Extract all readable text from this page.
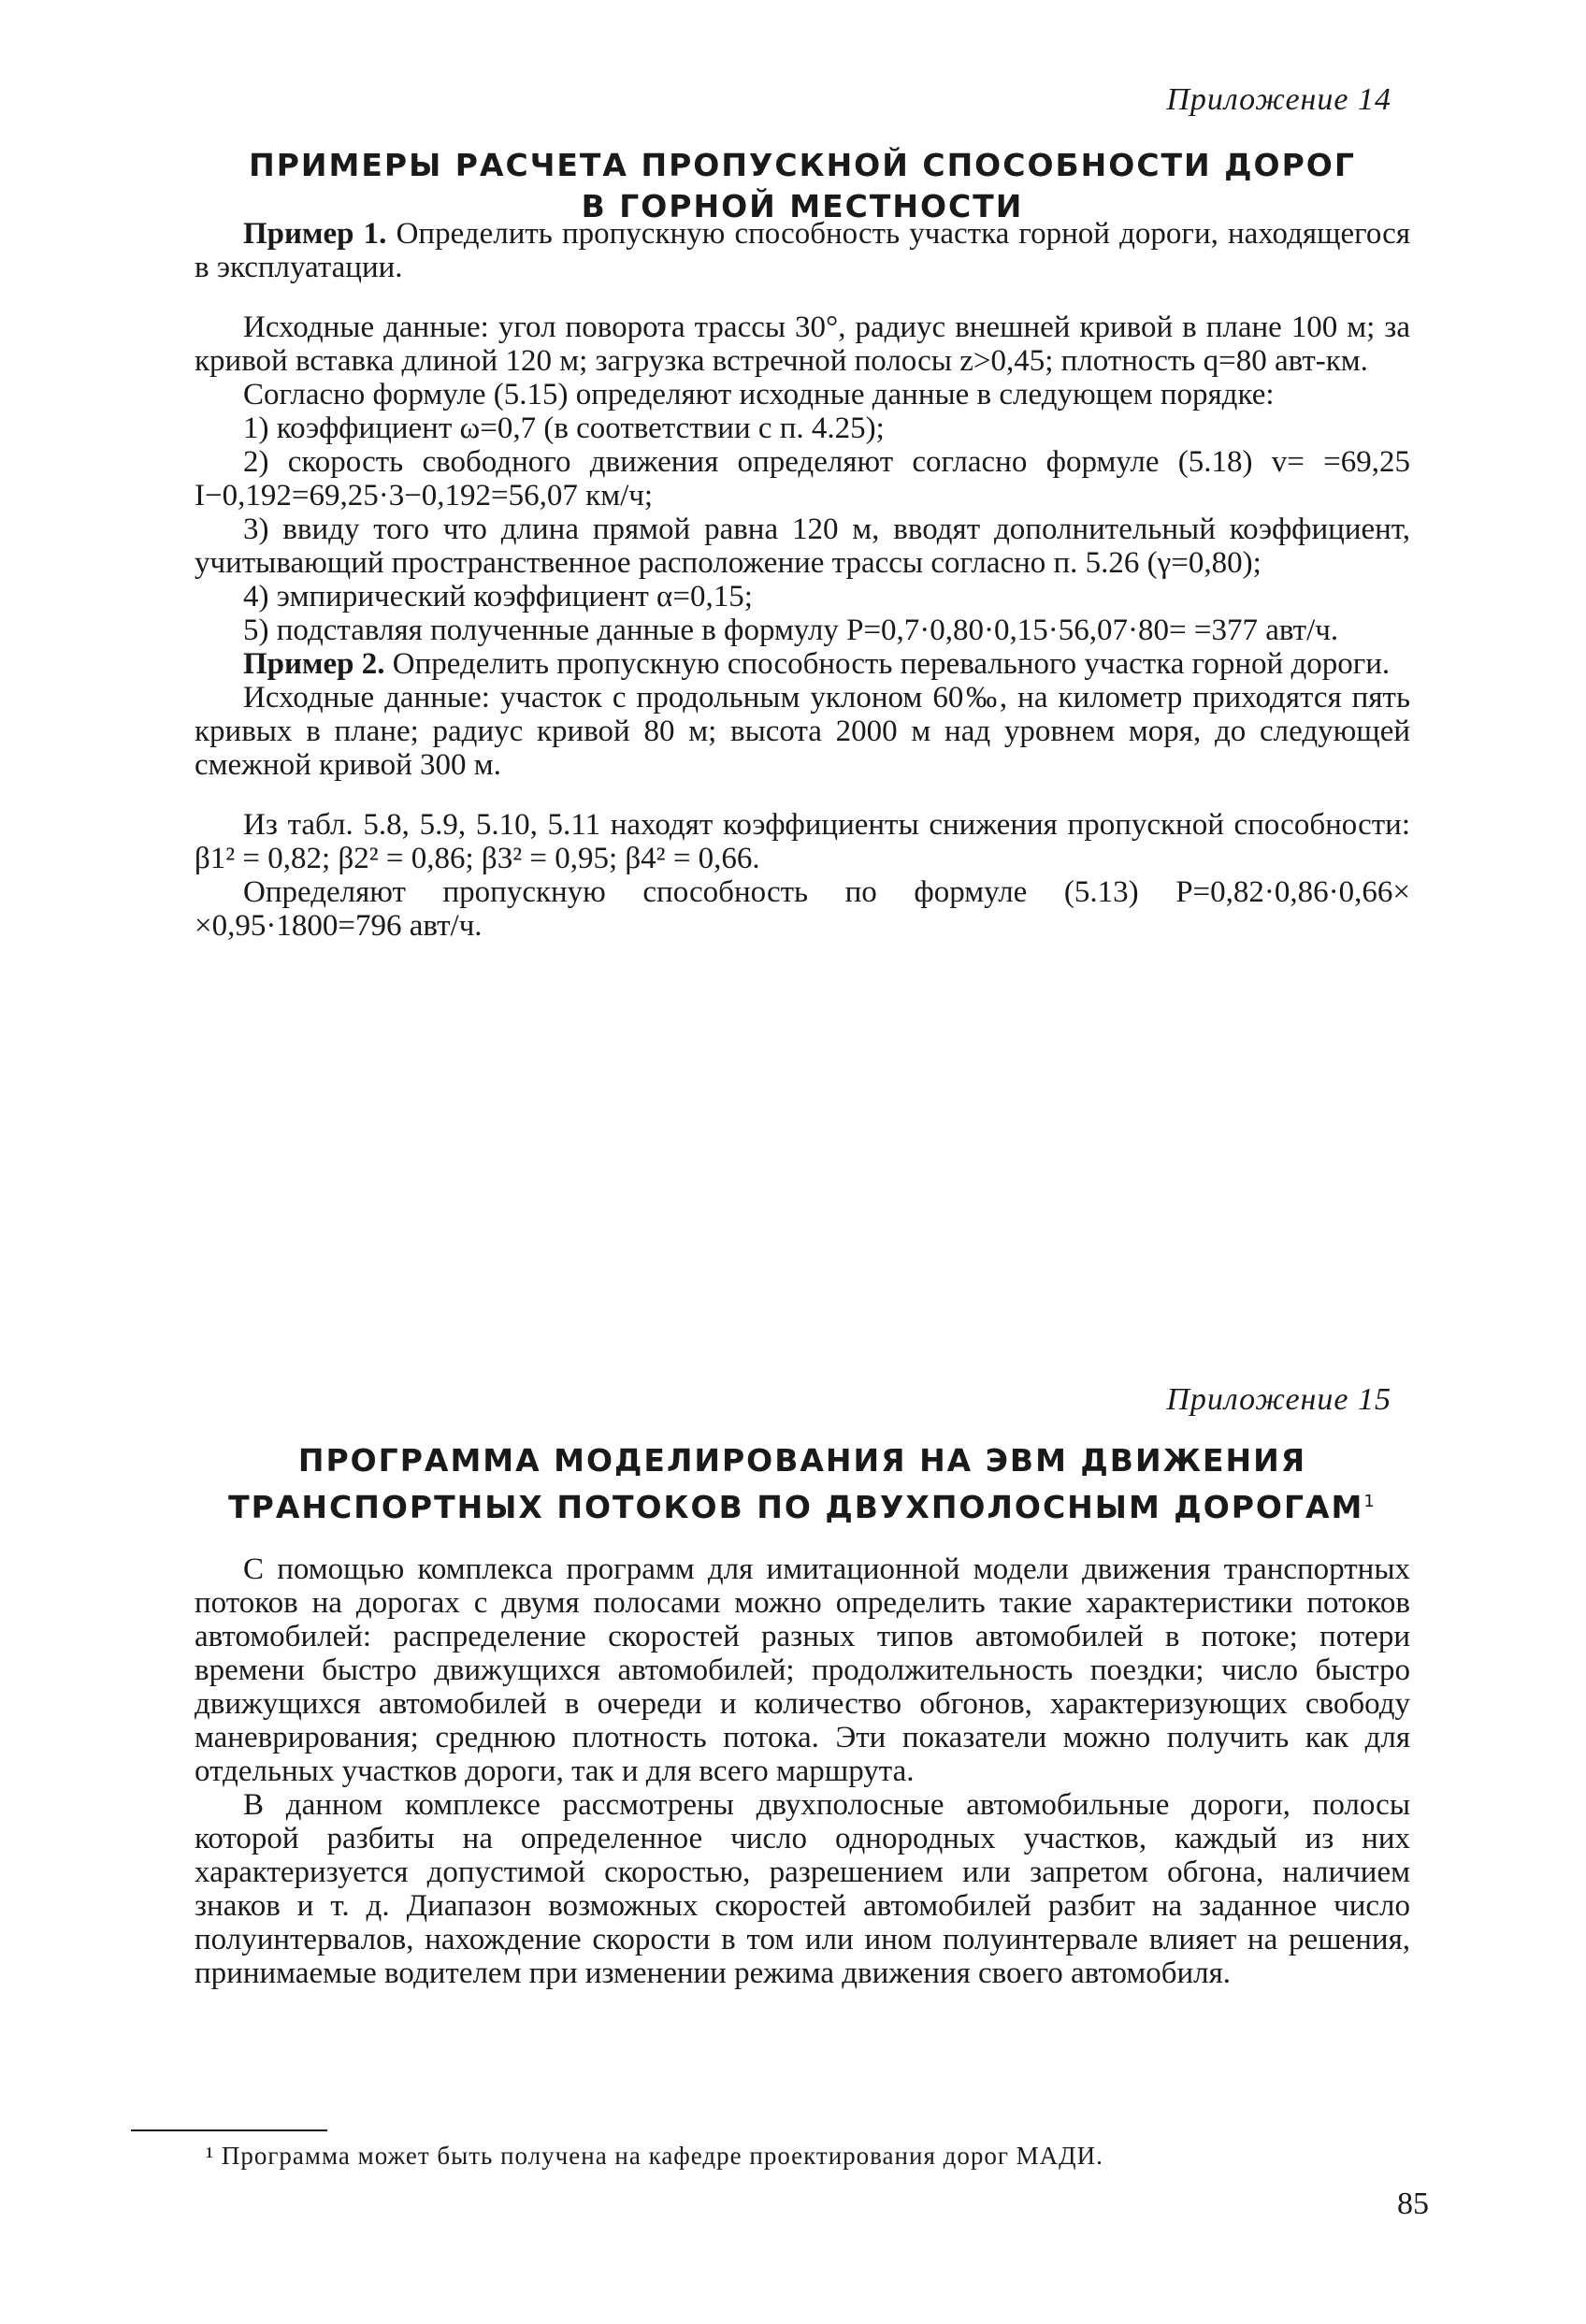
Приложение 14
ПРИМЕРЫ РАСЧЕТА ПРОПУСКНОЙ СПОСОБНОСТИ ДОРОГ
В ГОРНОЙ МЕСТНОСТИ

Пример 1. Определить пропускную способность участка горной дороги, находящегося в эксплуатации.

Исходные данные: угол поворота трассы 30°, радиус внешней кривой в плане 100 м; за кривой вставка длиной 120 м; загрузка встречной полосы z>0,45; плотность q=80 авт-км.

Согласно формуле (5.15) определяют исходные данные в следующем порядке:

1) коэффициент ω=0,7 (в соответствии с п. 4.25);

2) скорость свободного движения определяют согласно формуле (5.18) v= =69,25 I−0,192=69,25·3−0,192=56,07 км/ч;

3) ввиду того что длина прямой равна 120 м, вводят дополнительный коэффициент, учитывающий пространственное расположение трассы согласно п. 5.26 (γ=0,80);

4) эмпирический коэффициент α=0,15;

5) подставляя полученные данные в формулу P=0,7·0,80·0,15·56,07·80= =377 авт/ч.

Пример 2. Определить пропускную способность перевального участка горной дороги.

Исходные данные: участок с продольным уклоном 60‰, на километр приходятся пять кривых в плане; радиус кривой 80 м; высота 2000 м над уровнем моря, до следующей смежной кривой 300 м.

Из табл. 5.8, 5.9, 5.10, 5.11 находят коэффициенты снижения пропускной способности: β1² = 0,82; β2² = 0,86; β3² = 0,95; β4² = 0,66.

Определяют пропускную способность по формуле (5.13) P=0,82·0,86·0,66× ×0,95·1800=796 авт/ч.

Приложение 15
ПРОГРАММА МОДЕЛИРОВАНИЯ НА ЭВМ ДВИЖЕНИЯ
ТРАНСПОРТНЫХ ПОТОКОВ ПО ДВУХПОЛОСНЫМ ДОРОГАМ$^1$

С помощью комплекса программ для имитационной модели движения транспортных потоков на дорогах с двумя полосами можно определить такие характеристики потоков автомобилей: распределение скоростей разных типов автомобилей в потоке; потери времени быстро движущихся автомобилей; продолжительность поездки; число быстро движущихся автомобилей в очереди и количество обгонов, характеризующих свободу маневрирования; среднюю плотность потока. Эти показатели можно получить как для отдельных участков дороги, так и для всего маршрута.

В данном комплексе рассмотрены двухполосные автомобильные дороги, полосы которой разбиты на определенное число однородных участков, каждый из них характеризуется допустимой скоростью, разрешением или запретом обгона, наличием знаков и т. д. Диапазон возможных скоростей автомобилей разбит на заданное число полуинтервалов, нахождение скорости в том или ином полуинтервале влияет на решения, принимаемые водителем при изменении режима движения своего автомобиля.

¹ Программа может быть получена на кафедре проектирования дорог МАДИ.
85
